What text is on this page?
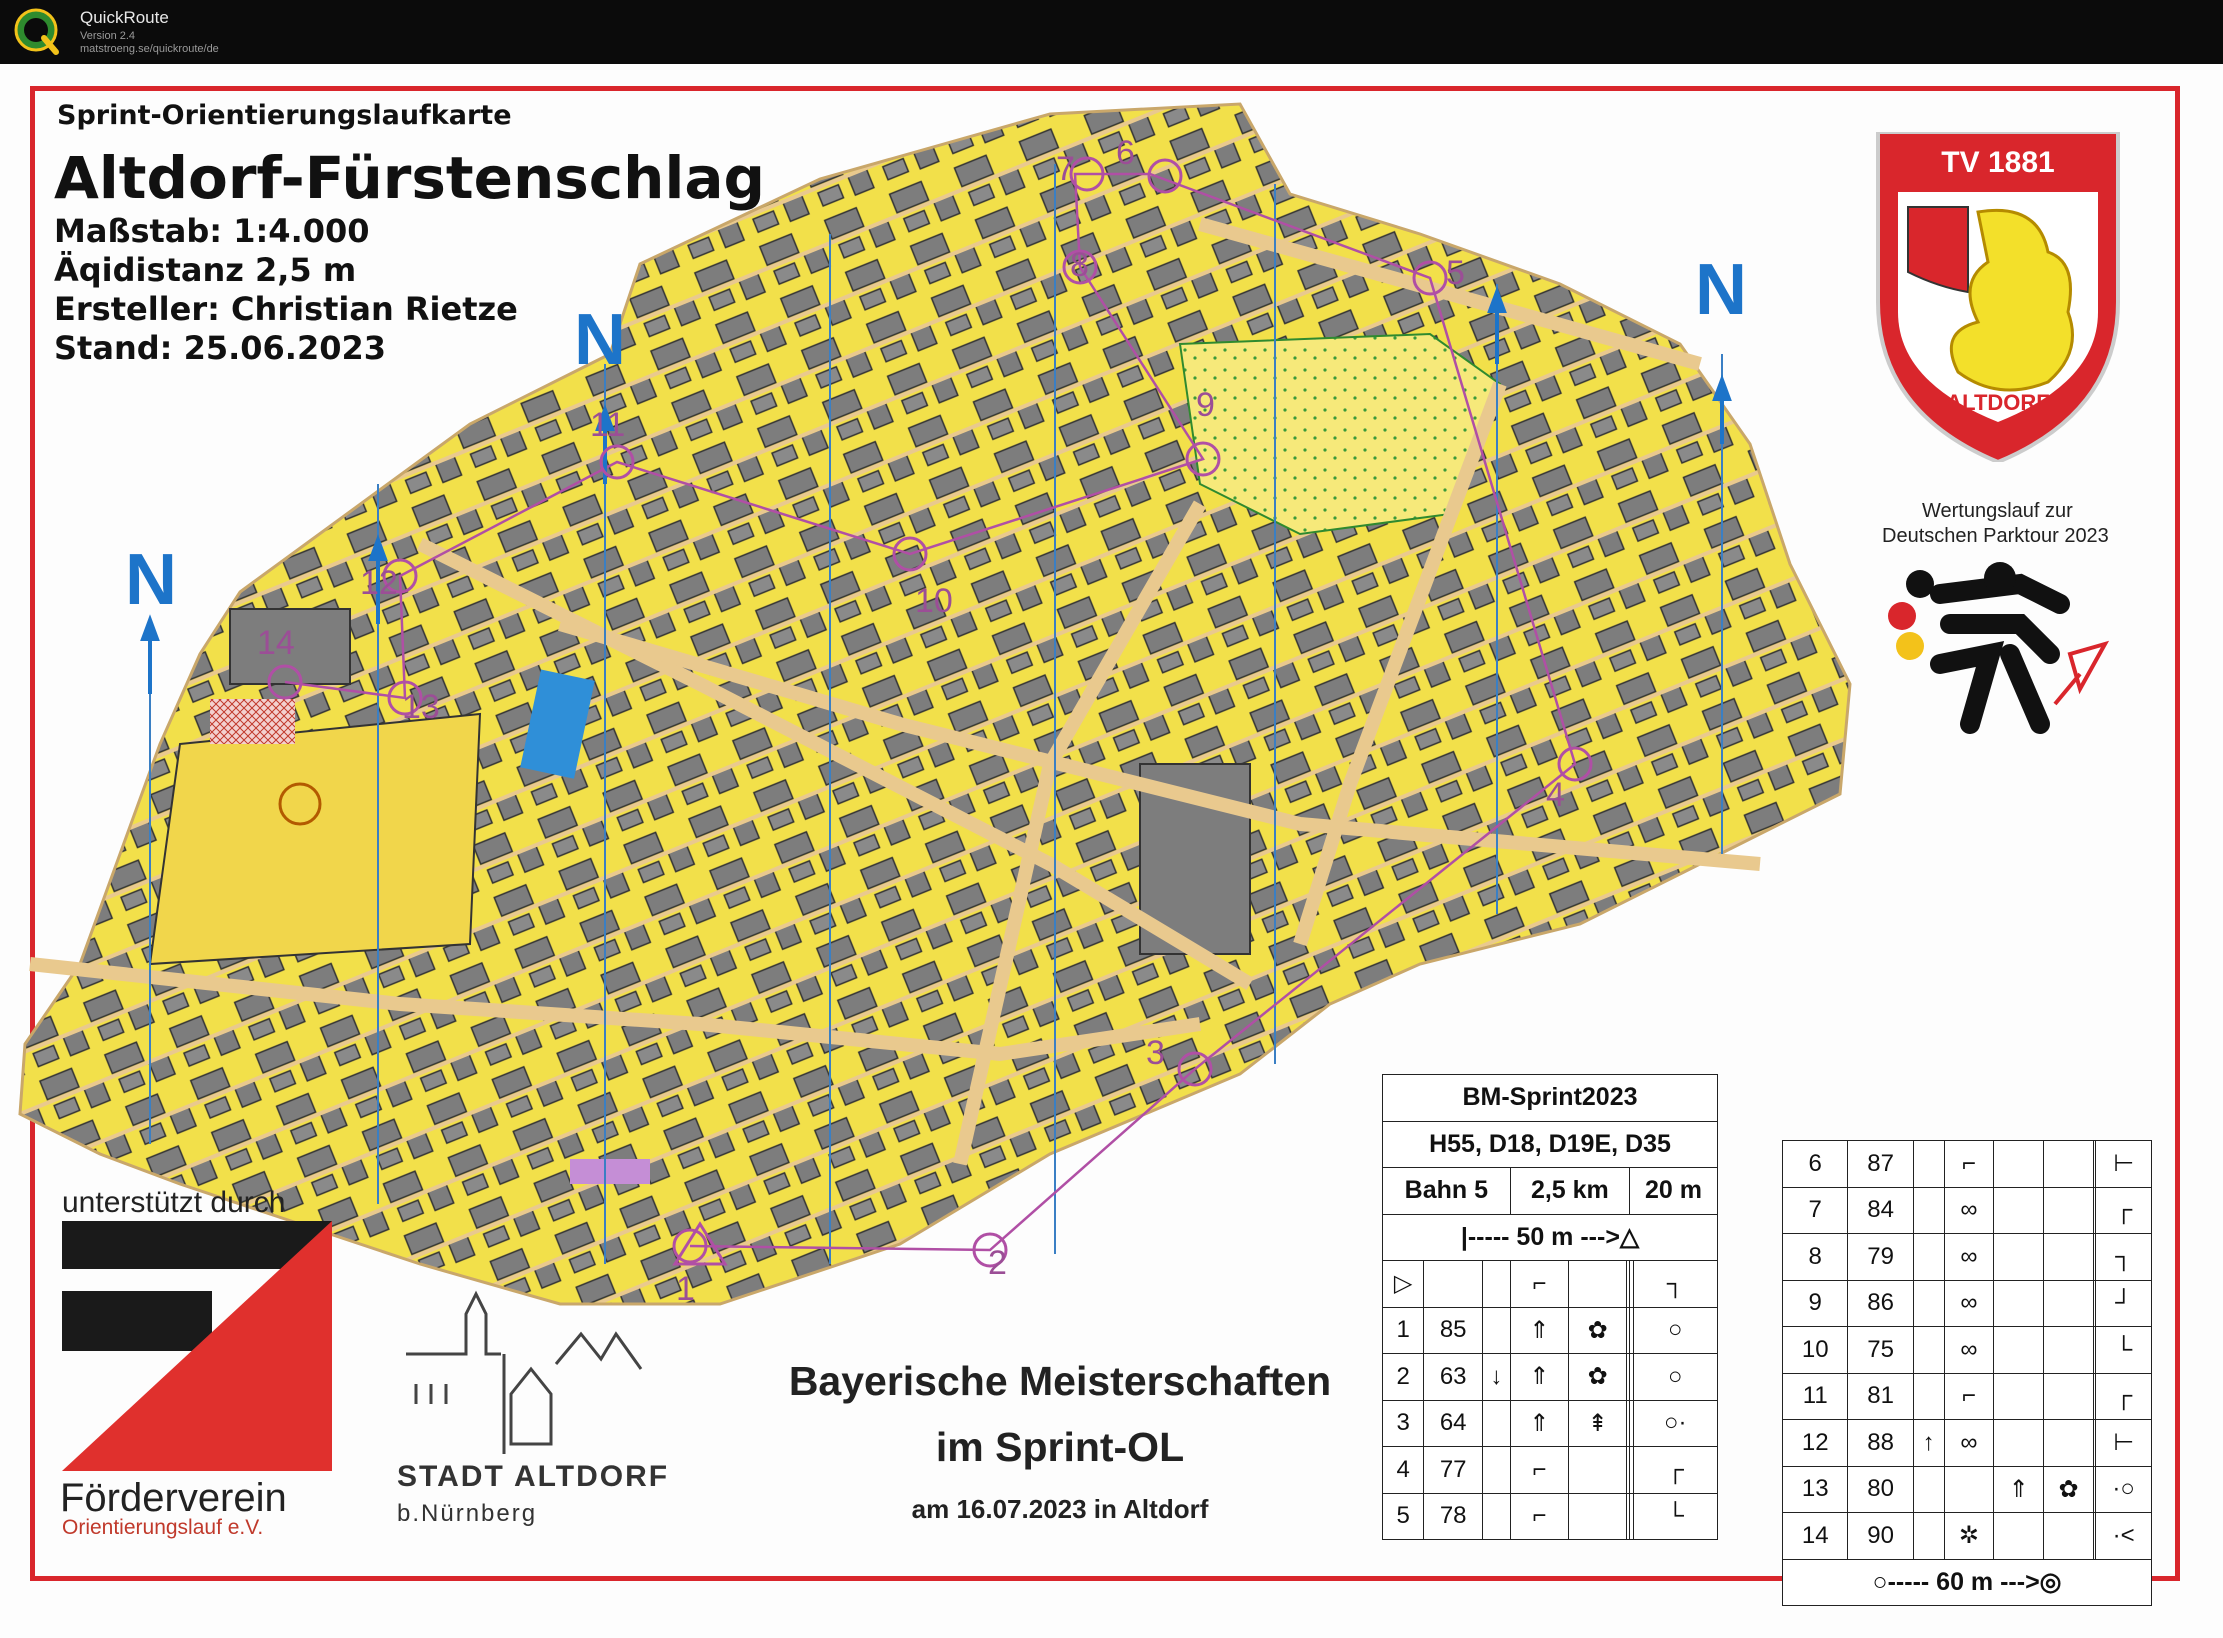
QuickRoute
Version 2.4
matstroeng.se/quickroute/de
N
N
N
1
2
3
4
5
6
7
8
9
10
11
12
13
14
Sprint-Orientierungslaufkarte
Altdorf-Fürstenschlag
Maßstab: 1:4.000
Äqidistanz 2,5 m
Ersteller: Christian Rietze
Stand: 25.06.2023
TV 1881
ALTDORF
Wertungslauf zur
Deutschen Parktour 2023
unterstützt durch
Förderverein
Orientierungslauf e.V.
STADT ALTDORF
b.Nürnberg
Bayerische Meisterschaften
im Sprint-OL
am 16.07.2023 in Altdorf
BM-Sprint2023							
H55, D18, D19E, D35							
Bahn 5			2,5 km			20 m	
|----- 50 m --->△							
▷			⌐				┐
1	85		⇑	✿			○
2	63	↓	⇑	✿			○
3	64		⇑	⇞			○·
4	77		⌐				┌
5	78		⌐				└
6	87		⌐				⊢
7	84		∞				┌
8	79		∞				┐
9	86		∞				┘
10	75		∞				└
11	81		⌐				┌
12	88	↑	∞				⊢
13	80			⇑	✿		·○
14	90		✲				·<
○----- 60 m --->◎							
